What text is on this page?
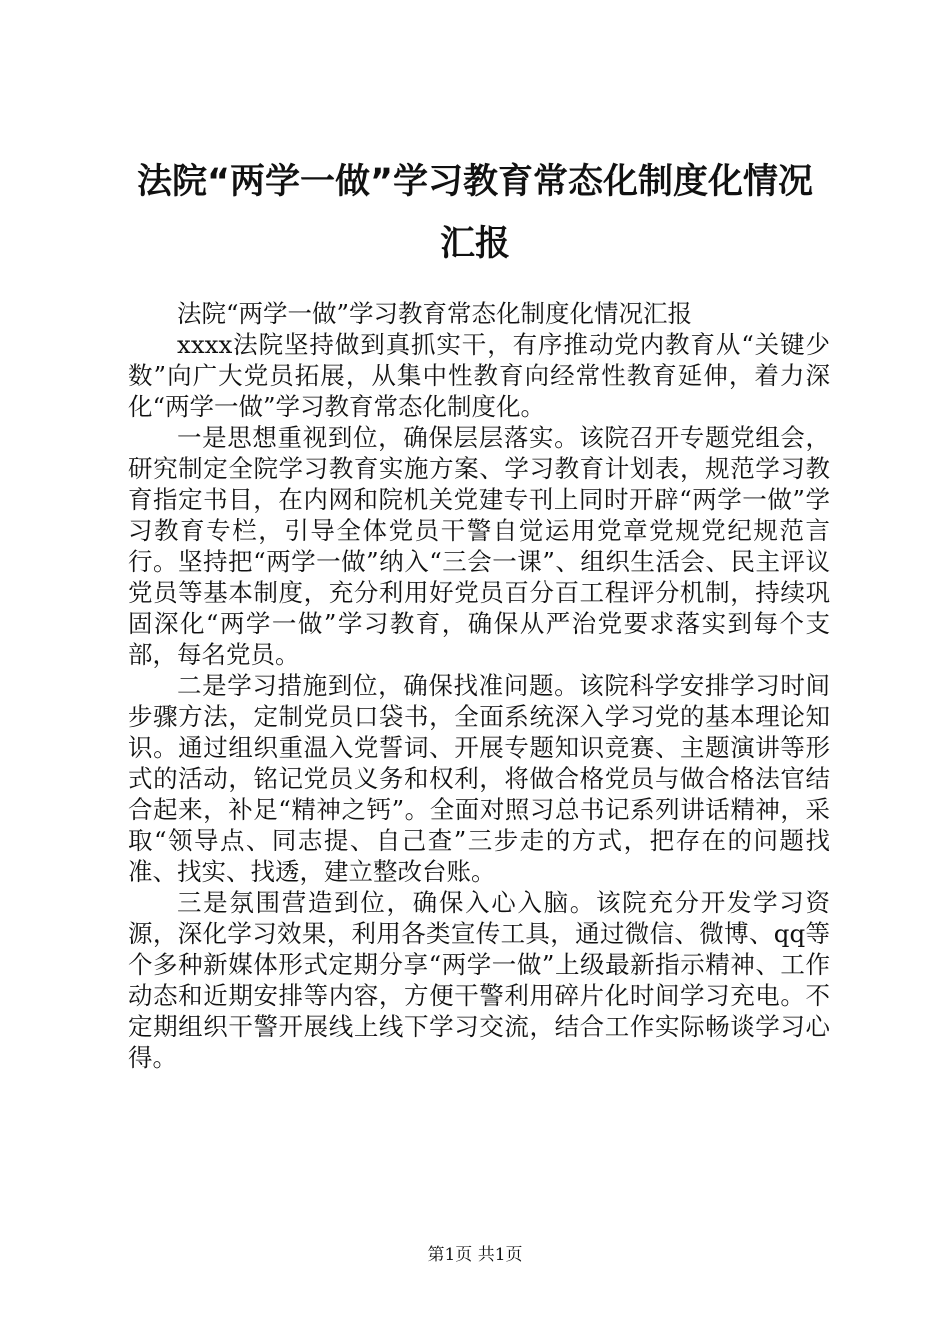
法院“两学一做”学习教育常态化制度化情况
汇报

法院“两学一做”学习教育常态化制度化情况汇报

xxxx法院坚持做到真抓实干，有序推动党内教育从“关键少数”向广大党员拓展，从集中性教育向经常性教育延伸，着力深化“两学一做”学习教育常态化制度化。

一是思想重视到位，确保层层落实。该院召开专题党组会，研究制定全院学习教育实施方案、学习教育计划表，规范学习教育指定书目，在内网和院机关党建专刊上同时开辟“两学一做”学习教育专栏，引导全体党员干警自觉运用党章党规党纪规范言行。坚持把“两学一做”纳入“三会一课”、组织生活会、民主评议党员等基本制度，充分利用好党员百分百工程评分机制，持续巩固深化“两学一做”学习教育，确保从严治党要求落实到每个支部，每名党员。

二是学习措施到位，确保找准问题。该院科学安排学习时间步骤方法，定制党员口袋书，全面系统深入学习党的基本理论知识。通过组织重温入党誓词、开展专题知识竞赛、主题演讲等形式的活动，铭记党员义务和权利，将做合格党员与做合格法官结合起来，补足“精神之钙”。全面对照习总书记系列讲话精神，采取“领导点、同志提、自己查”三步走的方式，把存在的问题找准、找实、找透，建立整改台账。

三是氛围营造到位，确保入心入脑。该院充分开发学习资源，深化学习效果，利用各类宣传工具，通过微信、微博、qq等个多种新媒体形式定期分享“两学一做”上级最新指示精神、工作动态和近期安排等内容，方便干警利用碎片化时间学习充电。不定期组织干警开展线上线下学习交流，结合工作实际畅谈学习心得。

第1页 共1页
